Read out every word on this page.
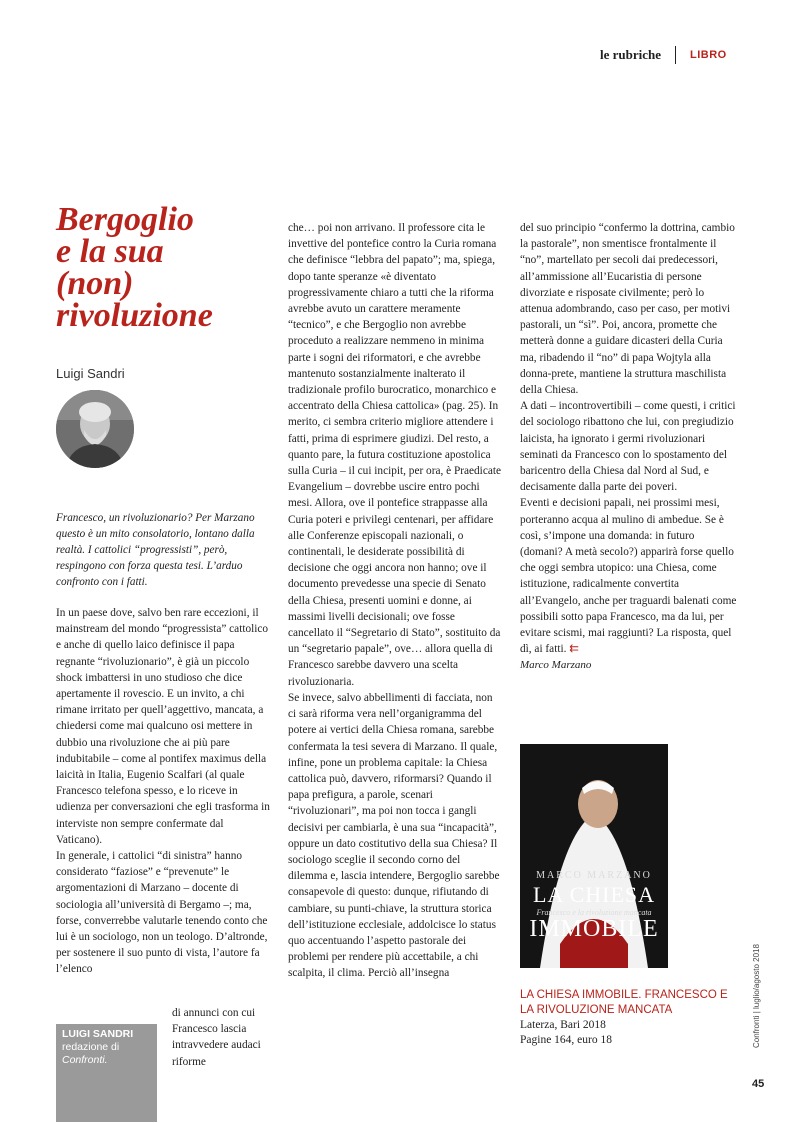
le rubriche	LIBRO
Bergoglio
e la sua
(non)
rivoluzione
Luigi Sandri
Francesco, un rivoluzionario? Per Marzano questo è un mito consolatorio, lontano dalla realtà. I cattolici “progressisti”, però, respingono con forza questa tesi. L’arduo confronto con i fatti.

In un paese dove, salvo ben rare eccezioni, il mainstream del mondo “progressista” cattolico e anche di quello laico definisce il papa regnante “rivoluzionario”, è già un piccolo shock imbattersi in uno studioso che dice apertamente il rovescio. E un invito, a chi rimane irritato per quell’aggettivo, mancata, a chiedersi come mai qualcuno osi mettere in dubbio una rivoluzione che ai più pare indubitabile – come al pontifex maximus della laicità in Italia, Eugenio Scalfari (al quale Francesco telefona spesso, e lo riceve in udienza per conversazioni che egli trasforma in interviste non sempre confermate dal Vaticano).

In generale, i cattolici “di sinistra” hanno considerato “faziose” e “prevenute” le argomentazioni di Marzano – docente di sociologia all’università di Bergamo –; ma, forse, converrebbe valutarle tenendo conto che lui è un sociologo, non un teologo. D’altronde, per sostenere il suo punto di vista, l’autore fa l’elenco

di annunci con cui Francesco lascia intravvedere audaci riforme

che… poi non arrivano. Il professore cita le invettive del pontefice contro la Curia romana che definisce “lebbra del papato”; ma, spiega, dopo tante speranze «è diventato progressivamente chiaro a tutti che la riforma avrebbe avuto un carattere meramente “tecnico”, e che Bergoglio non avrebbe proceduto a realizzare nemmeno in minima parte i sogni dei riformatori, e che avrebbe mantenuto sostanzialmente inalterato il tradizionale profilo burocratico, monarchico e accentrato della Chiesa cattolica» (pag. 25). In merito, ci sembra criterio migliore attendere i fatti, prima di esprimere giudizi. Del resto, a quanto pare, la futura costituzione apostolica sulla Curia – il cui incipit, per ora, è Praedicate Evangelium – dovrebbe uscire entro pochi mesi. Allora, ove il pontefice strappasse alla Curia poteri e privilegi centenari, per affidare alle Conferenze episcopali nazionali, o continentali, le desiderate possibilità di decisione che oggi ancora non hanno; ove il documento prevedesse una specie di Senato della Chiesa, presenti uomini e donne, ai massimi livelli decisionali; ove fosse cancellato il “Segretario di Stato”, sostituito da un “segretario papale”, ove… allora quella di Francesco sarebbe davvero una scelta rivoluzionaria.

Se invece, salvo abbellimenti di facciata, non ci sarà riforma vera nell’organigramma del potere ai vertici della Chiesa romana, sarebbe confermata la tesi severa di Marzano. Il quale, infine, pone un problema capitale: la Chiesa cattolica può, davvero, riformarsi? Quando il papa prefigura, a parole, scenari “rivoluzionari”, ma poi non tocca i gangli decisivi per cambiarla, è una sua “incapacità”, oppure un dato costitutivo della sua Chiesa? Il sociologo sceglie il secondo corno del dilemma e, lascia intendere, Bergoglio sarebbe consapevole di questo: dunque, rifiutando di cambiare, su punti-chiave, la struttura storica dell’istituzione ecclesiale, addolcisce lo status quo accentuando l’aspetto pastorale dei problemi per rendere più accettabile, a chi scalpita, il clima. Perciò all’insegna

del suo principio “confermo la dottrina, cambio la pastorale”, non smentisce frontalmente il “no”, martellato per secoli dai predecessori, all’ammissione all’Eucaristia di persone divorziate e risposate civilmente; però lo attenua adombrando, caso per caso, per motivi pastorali, un “sì”. Poi, ancora, promette che metterà donne a guidare dicasteri della Curia ma, ribadendo il “no” di papa Wojtyla alla donna-prete, mantiene la struttura maschilista della Chiesa.

A dati – incontrovertibili – come questi, i critici del sociologo ribattono che lui, con pregiudizio laicista, ha ignorato i germi rivoluzionari seminati da Francesco con lo spostamento del baricentro della Chiesa dal Nord al Sud, e decisamente dalla parte dei poveri.

Eventi e decisioni papali, nei prossimi mesi, porteranno acqua al mulino di ambedue. Se è così, s’impone una domanda: in futuro (domani? A metà secolo?) apparirà forse quello che oggi sembra utopico: una Chiesa, come istituzione, radicalmente convertita all’Evangelo, anche per traguardi balenati come possibili sotto papa Francesco, ma da lui, per evitare scismi, mai raggiunti? La risposta, quel dì, ai fatti. ⇇

Marco Marzano

LUIGI SANDRI
redazione di
Confronti.
MARCO MARZANO
LA CHIESA
Francesco e la rivoluzione mancata
IMMOBILE
LA CHIESA IMMOBILE. FRANCESCO E LA RIVOLUZIONE MANCATA
Laterza, Bari 2018
Pagine 164, euro 18	Confronti | luglio/agosto 2018
45
